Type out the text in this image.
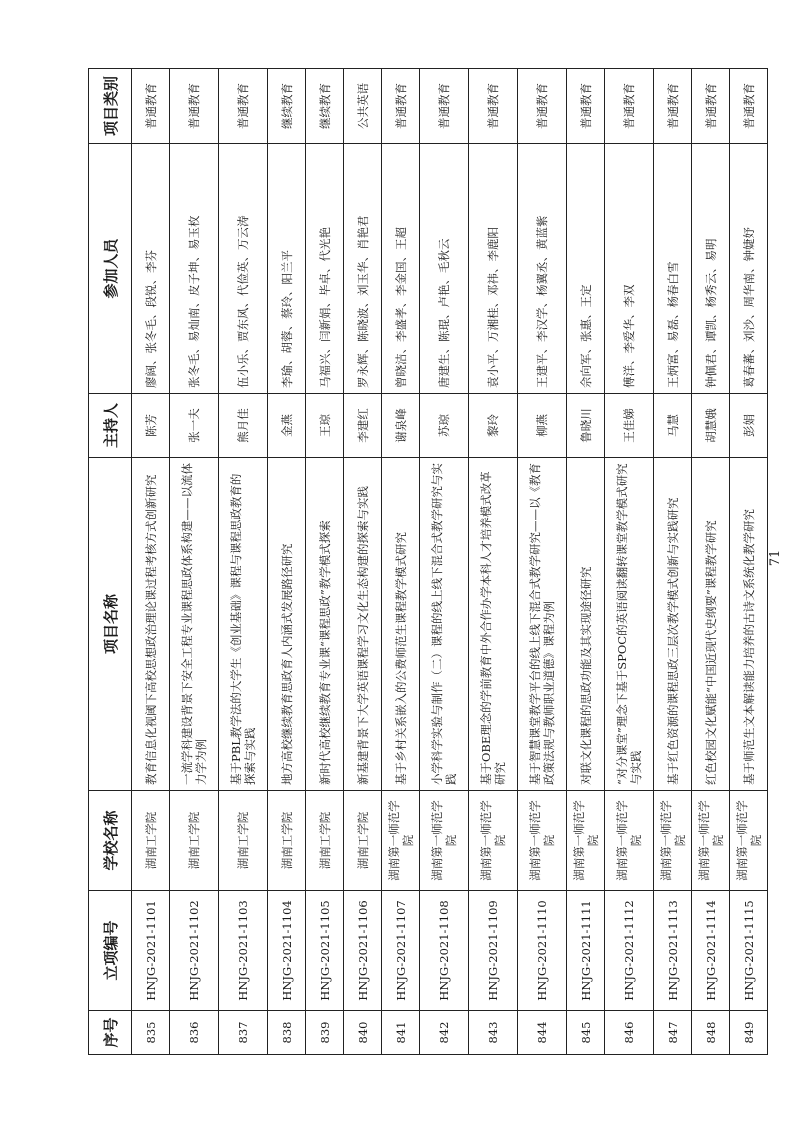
序号	立项编号	学校名称	项目名称	主持人	参加人员	项目类别
835	HNJG-2021-1101	湖南工学院	教育信息化视阈下高校思想政治理论课过程考核方式创新研究	陈芳	廖阔、张冬毛、段锐、李芬	普通教育
836	HNJG-2021-1102	湖南工学院	一流学科建设背景下安全工程专业课程思政体系构建——以流体力学为例	张一夫	张冬毛、易灿南、皮子坤、易玉枚	普通教育
837	HNJG-2021-1103	湖南工学院	基于PBL教学法的大学生《创业基础》课程与课程思政教育的探索与实践	熊月佳	伍小乐、贾东风、代俭英、万云涛	普通教育
838	HNJG-2021-1104	湖南工学院	地方高校继续教育思政育人内涵式发展路径研究	金燕	李瑜、胡蓉、蔡玲、阳兰平	继续教育
839	HNJG-2021-1105	湖南工学院	新时代高校继续教育专业课“课程思政”教学模式探索	王琼	马福兴、闫新娟、毕卓、代光艳	继续教育
840	HNJG-2021-1106	湖南工学院	新基建背景下大学英语课程学习文化生态构建的探索与实践	李建红	罗永辉、陈晓波、刘玉华、肖艳君	公共英语
841	HNJG-2021-1107	湖南第一师范学院	基于乡村关系嵌入的公费师范生课程教学模式研究	谢泉峰	曾晓洁、李盛孝、李金国、王超	普通教育
842	HNJG-2021-1108	湖南第一师范学院	小学科学实验与制作（二）课程的线上线下混合式教学研究与实践	苏琼	唐建生、陈琨、卢艳、毛秋云	普通教育
843	HNJG-2021-1109	湖南第一师范学院	基于OBE理念的学前教育中外合作办学本科人才培养模式改革研究	黎玲	袁小平、万湘桂、邓祎、李鹿阳	普通教育
844	HNJG-2021-1110	湖南第一师范学院	基于智慧课堂教学平台的线上线下混合式教学研究——以《教育政策法规与教师职业道德》课程为例	柳燕	王建平、李汉学、杨翼丞、黄蓝紫	普通教育
845	HNJG-2021-1111	湖南第一师范学院	对联文化课程的思政功能及其实现途径研究	鲁晓川	佘向军、张惠、王定	普通教育
846	HNJG-2021-1112	湖南第一师范学院	“对分课堂”理念下基于SPOC的英语阅读翻转课堂教学模式研究与实践	王佳娣	傅洋、李爱华、李双	普通教育
847	HNJG-2021-1113	湖南第一师范学院	基于红色资源的课程思政三层次教学模式创新与实践研究	马慧	王炳富、易磊、杨春白雪	普通教育
848	HNJG-2021-1114	湖南第一师范学院	红色校园文化赋能“中国近现代史纲要”课程教学研究	胡慧娥	钟佩君、谭凯、杨秀云、易明	普通教育
849	HNJG-2021-1115	湖南第一师范学院	基于师范生文本解读能力培养的古诗文系统化教学研究	彭娟	葛春蕃、刘沙、周华南、钟婕妤	普通教育
71
